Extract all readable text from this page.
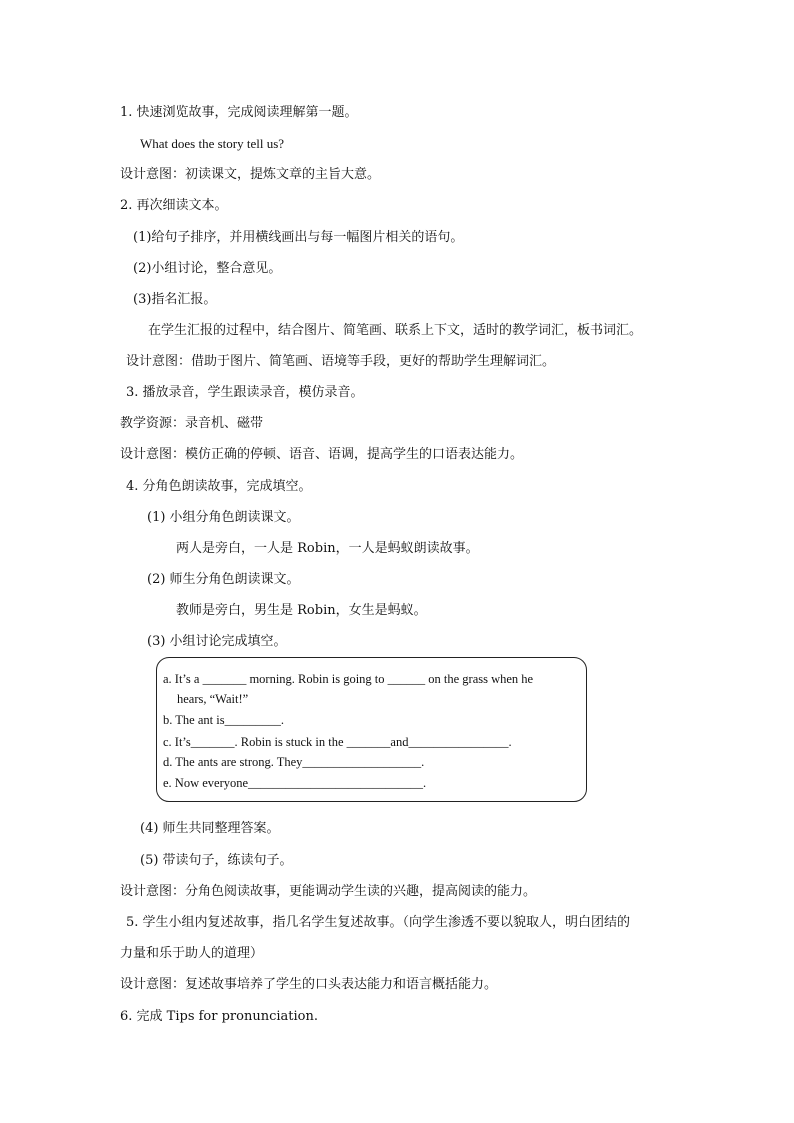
1. 快速浏览故事，完成阅读理解第一题。
What does the story tell us?
设计意图：初读课文，提炼文章的主旨大意。
2. 再次细读文本。
(1)给句子排序，并用横线画出与每一幅图片相关的语句。
(2)小组讨论，整合意见。
(3)指名汇报。
在学生汇报的过程中，结合图片、简笔画、联系上下文，适时的教学词汇，板书词汇。
设计意图：借助于图片、简笔画、语境等手段，更好的帮助学生理解词汇。
3. 播放录音，学生跟读录音，模仿录音。
教学资源：录音机、磁带
设计意图：模仿正确的停顿、语音、语调，提高学生的口语表达能力。
4. 分角色朗读故事，完成填空。
(1) 小组分角色朗读课文。
两人是旁白，一人是 Robin，一人是蚂蚁朗读故事。
(2) 师生分角色朗读课文。
教师是旁白，男生是 Robin，女生是蚂蚁。
(3) 小组讨论完成填空。
a. It’s a _______ morning. Robin is going to ______ on the grass when he
hears, “Wait!”
b. The ant is_________.
c. It’s_______. Robin is stuck in the _______and________________.
d. The ants are strong. They___________________.
e. Now everyone____________________________.
(4) 师生共同整理答案。
(5) 带读句子，练读句子。
设计意图：分角色阅读故事，更能调动学生读的兴趣，提高阅读的能力。
5. 学生小组内复述故事，指几名学生复述故事。（向学生渗透不要以貌取人，明白团结的
力量和乐于助人的道理）
设计意图：复述故事培养了学生的口头表达能力和语言概括能力。
6. 完成 Tips for pronunciation.
